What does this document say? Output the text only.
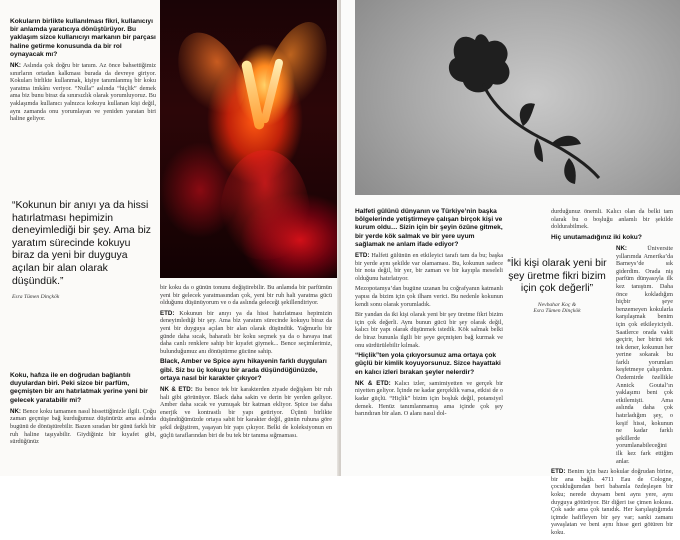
Kokuların birlikte kullanılması fikri, kullanıcıyı bir anlamda yaratıcıya dönüştürüyor. Bu yaklaşım sizce kullanıcıyı markanın bir parçası haline getirme konusunda da bir rol oynayacak mı?

NK: Aslında çok doğru bir tanım. Az önce bahsettiğimiz sınırların ortadan kalkması burada da devreye giriyor. Kokuları birlikte kullanmak, kişiye tanımlanmış bir koku yaratma imkânı veriyor. “Nulla” aslında “hiçlik” demek ama biz bunu biraz da sınırsızlık olarak yorumluyoruz. Bu yaklaşımda kullanıcı yalnızca kokuyu kullanan kişi değil, aynı zamanda onu yorumlayan ve yeniden yaratan biri haline geliyor.

“Kokunun bir anıyı ya da hissi hatırlatması hepimizin deneyimlediği bir şey. Ama biz yaratım sürecinde kokuyu biraz da yeni bir duyguya açılan bir alan olarak düşündük.”

Esra Tümen Dinçkök

Koku, hafıza ile en doğrudan bağlantılı duyulardan biri. Peki sizce bir parfüm, geçmişten bir anı hatırlatmak yerine yeni bir gelecek yaratabilir mi?

NK: Bence koku tamamen nasıl hissettiğinizle ilgili. Çoğu zaman geçmişe bağ kurduğumuz düşünürüz ama aslında bugünü de dönüştürebilir. Bazen sıradan bir günü farklı bir ruh haline taşıyabilir. Giydiğiniz bir kıyafet gibi, sürdüğünüz

bir koku da o günün tonunu değiştirebilir. Bu anlamda bir parfümün yeni bir gelecek yaratmasından çok, yeni bir ruh hali yaratma gücü olduğunu düşünüyorum ve o da aslında geleceği şekillendiriyor.

ETD: Kokunun bir anıyı ya da hissi hatırlatması hepimizin deneyimlediği bir şey. Ama biz yaratım sürecinde kokuyu biraz da yeni bir duyguya açılan bir alan olarak düşündük. Yağmurlu bir günde daha sıcak, baharatlı bir koku seçmek ya da o havaya inat daha canlı renklere sahip bir kıyafet giymek... Bence seçimlerimiz, bulunduğumuz anı dönüştürme gücüne sahip.

Black, Amber ve Spice aynı hikayenin farklı duyguları gibi. Siz bu üç kokuyu bir arada düşündüğünüzde, ortaya nasıl bir karakter çıkıyor?

NK & ETD: Bu bence tek bir karakterden ziyade değişken bir ruh hali gibi görünüyor. Black daha sakin ve derin bir yerden geliyor. Amber daha sıcak ve yumuşak bir katman ekliyor. Spice ise daha enerjik ve kontrastlı bir yapı getiriyor. Üçünü birlikte düşündüğümüzde ortaya sabit bir karakter değil, günün ruhuna göre şekil değiştiren, yaşayan bir yapı çıkıyor. Belki de koleksiyonun en güçlü taraflarından biri de bu tek bir tanıma sığmaması.

Halfeti gülünü dünyanın ve Türkiye’nin başka bölgelerinde yetiştirmeye çalışan birçok kişi ve kurum oldu… Sizin için bir şeyin özüne gitmek, bir yerde kök salmak ve bir yere uyum sağlamak ne anlam ifade ediyor?

ETD: Halfeti gülünün en etkileyici tarafı tam da bu; başka bir yerde aynı şekilde var olamaması. Bu, kokunun sadece bir nota değil, bir yer, bir zaman ve bir kayıpla meseleli olduğunu hatırlatıyor.

Mezopotamya’dan bugüne uzanan bu coğrafyanın katmanlı yapısı da bizim için çok ilham verici. Bu nedenle kokunun kendi sonu olarak yorumladık.

Bir yandan da iki kişi olarak yeni bir şey üretme fikri bizim için çok değerli. Aynı bunun gücü bir şey olarak değil, kalıcı bir yapı olarak düşünmek istedik. Kök salmak belki de biraz bununla ilgili bir şeye geçmişten bağ kurmak ve onu sürdürülebilir kılmak.

“Hiçlik”ten yola çıkıyorsunuz ama ortaya çok güçlü bir kimlik koyuyorsunuz. Sizce hayattaki en kalıcı izleri bırakan şeyler nelerdir?

NK & ETD: Kalıcı izler, samimiyetten ve gerçek bir niyetten geliyor. İçinde ne kadar gerçeklik varsa, etkisi de o kadar güçlü. “Hiçlik” bizim için boşluk değil, potansiyel demek. Henüz tanımlanmamış ama içinde çok şey barındıran bir alan. O alanı nasıl dol-

“İki kişi olarak yeni bir şey üretme fikri bizim için çok değerli”

Nevbahar Koç &
Esra Tümen Dinçkök

durduğunuz önemli. Kalıcı olan da belki tam olarak bu o boşluğu anlamlı bir şekilde doldurabilmek.

Hiç unutamadığınız iki koku?

NK:	Üniversite yıllarımda Amerika’da Barneys’de sık giderdim. Orada niş parfüm dünyasıyla ilk kez tanıştım. Daha önce kokladığım hiçbir şeye benzemeyen kokularla karşılaşmak benim için çok etkileyiciydi. Saatlerce orada vakit geçirir, her birini tek tek dener, kokunun her yerine sokarak bu farklı yorumları keşfetmeye çalışırdım. Özdemirde özellikle Annick Goutal’ın yaklaşımı beni çok etkilemişti. Ama aslında daha çok hatırladığım şey, o keşif hissi, kokunun ne kadar farklı şekillerde yorumlanabileceğini ilk kez fark ettiğim anlar.

ETD: Benim için bazı kokular doğrudan birine, bir ana bağlı. 4711 Eau de Cologne, çocukluğumdan beri babamla özdeşleşen bir koku; nerede duysam beni aynı yere, aynı duyguya götürüyor. Bir diğeri ise çimen kokusu. Çok sade ama çok tanıdık. Her karşılaştığımda içimde hafifleyen bir şey var; sanki zamanı yavaşlatan ve beni aynı hisse geri götüren bir koku.
